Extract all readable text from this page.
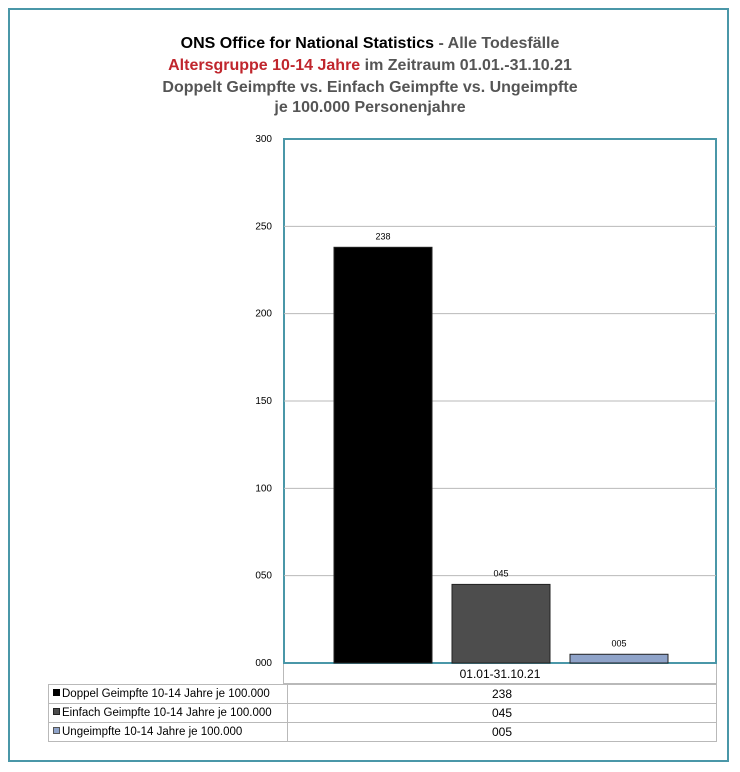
ONS Office for National Statistics - Alle Todesfälle
Altersgruppe 10-14 Jahre im Zeitraum 01.01.-31.10.21
Doppelt Geimpfte vs. Einfach Geimpfte vs. Ungeimpfte
je 100.000 Personenjahre
000
050
100
150
200
250
300
238
045
005
01.01-31.10.21
Doppel Geimpfte 10-14 Jahre je 100.000	238
Einfach Geimpfte 10-14 Jahre je 100.000	045
Ungeimpfte 10-14 Jahre je 100.000	005
